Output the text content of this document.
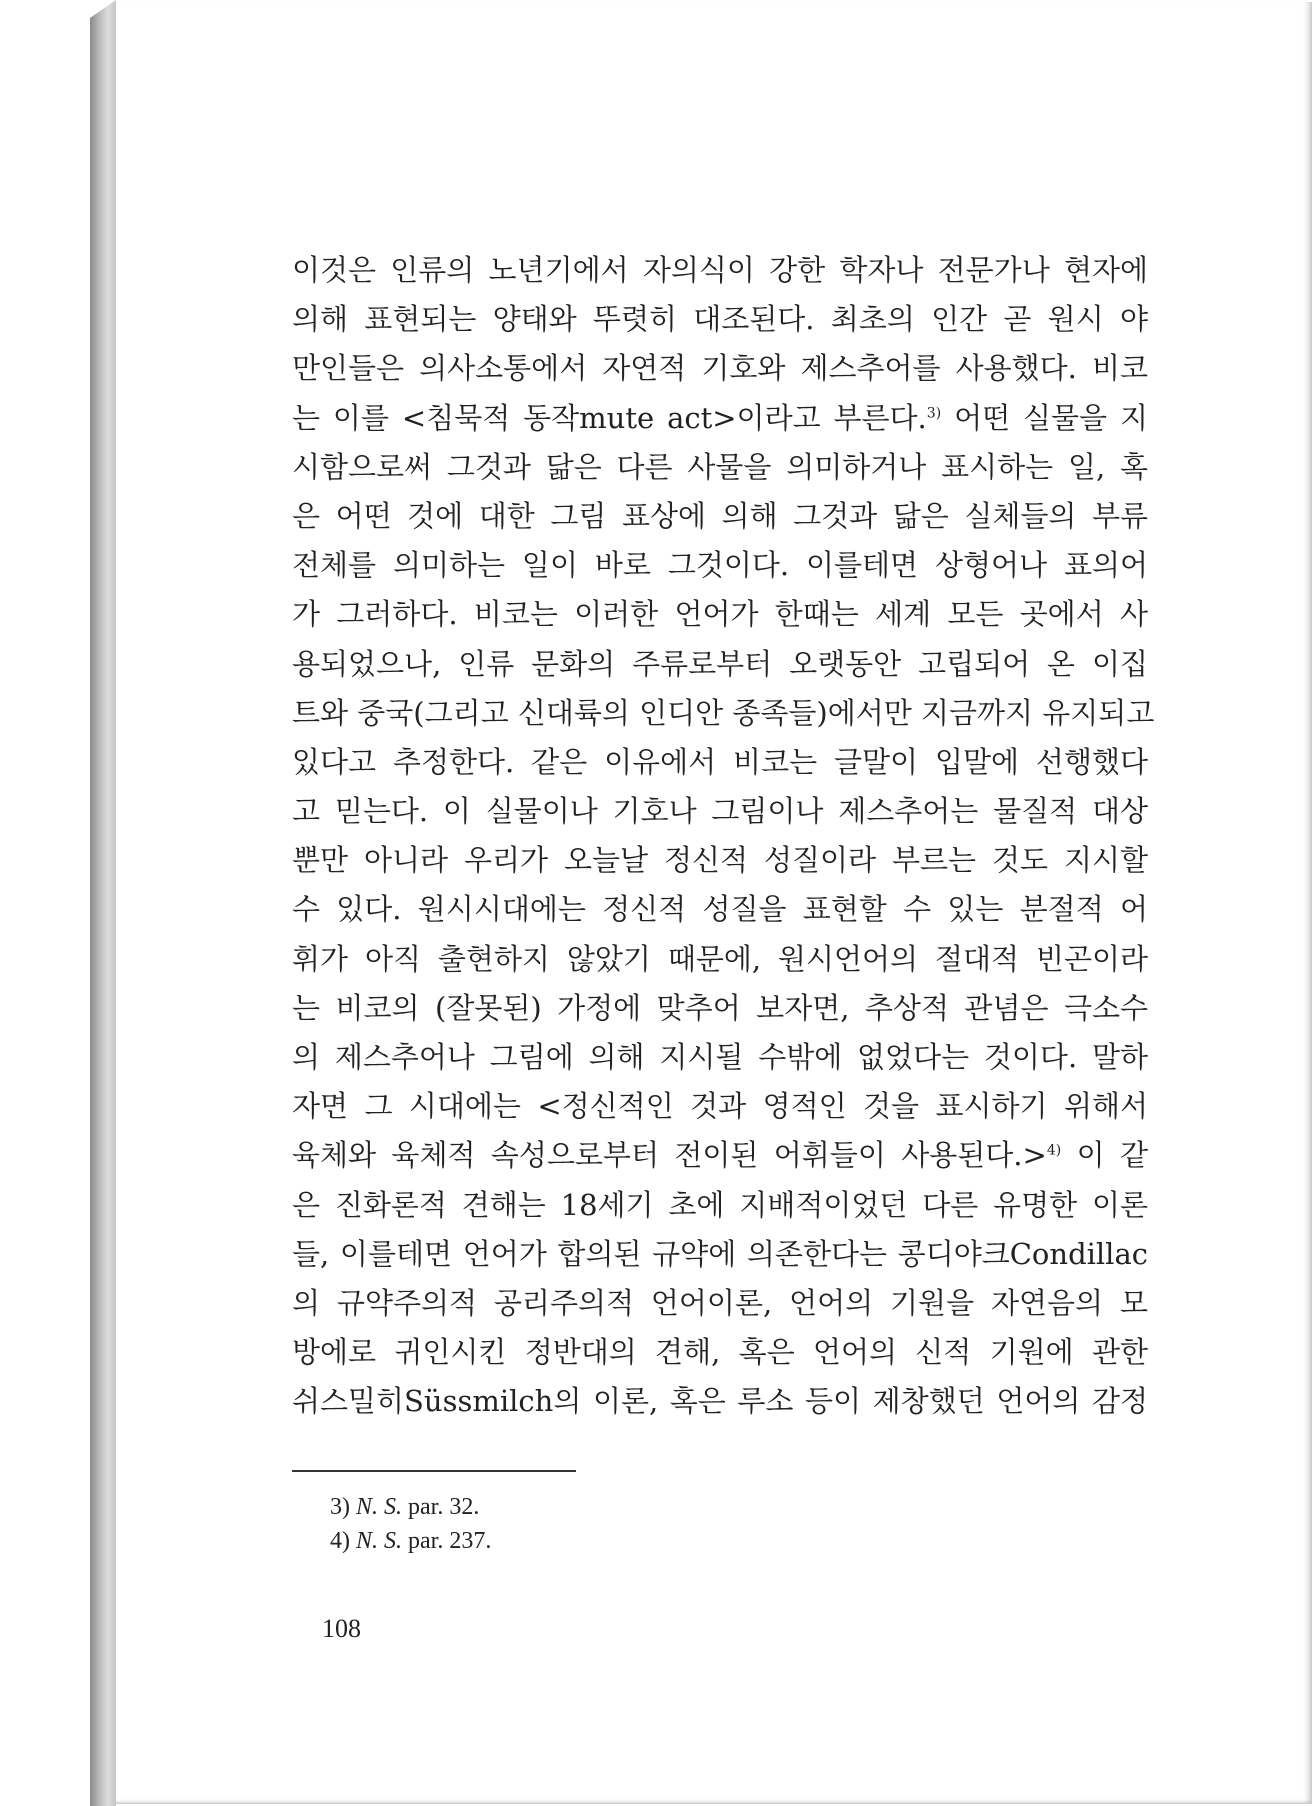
이것은 인류의 노년기에서 자의식이 강한 학자나 전문가나 현자에
의해 표현되는 양태와 뚜렷히 대조된다. 최초의 인간 곧 원시 야
만인들은 의사소통에서 자연적 기호와 제스추어를 사용했다. 비코
는 이를 <침묵적 동작mute act>이라고 부른다.$^{3)}$ 어떤 실물을 지
시함으로써 그것과 닮은 다른 사물을 의미하거나 표시하는 일, 혹
은 어떤 것에 대한 그림 표상에 의해 그것과 닮은 실체들의 부류
전체를 의미하는 일이 바로 그것이다. 이를테면 상형어나 표의어
가 그러하다. 비코는 이러한 언어가 한때는 세계 모든 곳에서 사
용되었으나, 인류 문화의 주류로부터 오랫동안 고립되어 온 이집
트와 중국(그리고 신대륙의 인디안 종족들)에서만 지금까지 유지되고
있다고 추정한다. 같은 이유에서 비코는 글말이 입말에 선행했다
고 믿는다. 이 실물이나 기호나 그림이나 제스추어는 물질적 대상
뿐만 아니라 우리가 오늘날 정신적 성질이라 부르는 것도 지시할
수 있다. 원시시대에는 정신적 성질을 표현할 수 있는 분절적 어
휘가 아직 출현하지 않았기 때문에, 원시언어의 절대적 빈곤이라
는 비코의 (잘못된) 가정에 맞추어 보자면, 추상적 관념은 극소수
의 제스추어나 그림에 의해 지시될 수밖에 없었다는 것이다. 말하
자면 그 시대에는 <정신적인 것과 영적인 것을 표시하기 위해서
육체와 육체적 속성으로부터 전이된 어휘들이 사용된다.>$^{4)}$ 이 같
은 진화론적 견해는 18세기 초에 지배적이었던 다른 유명한 이론
들, 이를테면 언어가 합의된 규약에 의존한다는 콩디야크Condillac
의 규약주의적 공리주의적 언어이론, 언어의 기원을 자연음의 모
방에로 귀인시킨 정반대의 견해, 혹은 언어의 신적 기원에 관한
쉬스밀히Süssmilch의 이론, 혹은 루소 등이 제창했던 언어의 감정
3) N. S. par. 32.
4) N. S. par. 237.
108
